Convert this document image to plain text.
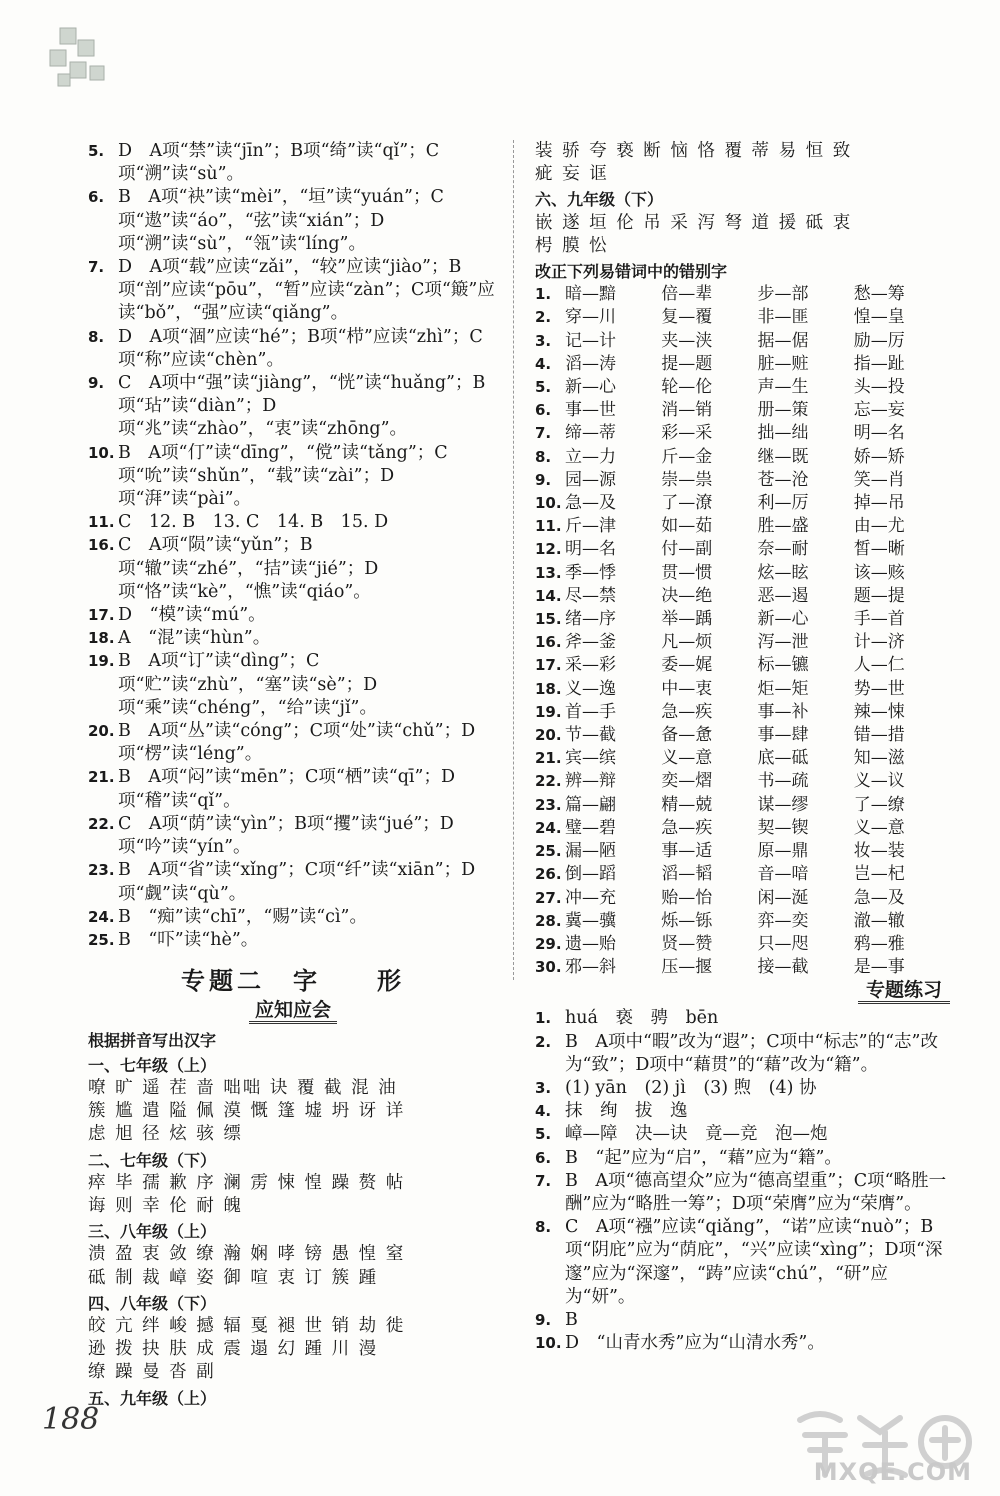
5. D　A项“禁”读“jīn”；B项“绮”读“qǐ”；C项“溯”读“sù”。
6. B　A项“袂”读“mèi”，“垣”读“yuán”；C项“遨”读“áo”，“弦”读“xián”；D项“溯”读“sù”，“瓴”读“líng”。
7. D　A项“载”应读“zǎi”，“较”应读“jiào”；B项“剖”应读“pōu”，“暂”应读“zàn”；C项“簸”应读“bǒ”，“强”应读“qiǎng”。
8. D　A项“涸”应读“hé”；B项“栉”应读“zhì”；C项“称”应读“chèn”。
9. C　A项中“强”读“jiàng”，“恍”读“huǎng”；B项“玷”读“diàn”；D项“兆”读“zhào”，“衷”读“zhōng”。
10. B　A项“仃”读“dīng”，“傥”读“tǎng”；C项“吮”读“shǔn”，“载”读“zài”；D项“湃”读“pài”。
11. C　12. B　13. C　14. B　15. D
16. C　A项“陨”读“yǔn”；B项“辙”读“zhé”，“拮”读“jié”；D项“恪”读“kè”，“憔”读“qiáo”。
17. D　“模”读“mú”。
18. A　“混”读“hùn”。
19. B　A项“订”读“dìng”；C项“贮”读“zhù”，“塞”读“sè”；D项“乘”读“chéng”，“给”读“jǐ”。
20. B　A项“丛”读“cóng”；C项“处”读“chǔ”；D项“楞”读“léng”。
21. B　A项“闷”读“mēn”；C项“栖”读“qī”；D项“稽”读“qǐ”。
22. C　A项“荫”读“yìn”；B项“攫”读“jué”；D项“吟”读“yín”。
23. B　A项“省”读“xǐng”；C项“纤”读“xiān”；D项“觑”读“qù”。
24. B　“痴”读“chī”，“赐”读“cì”。
25. B　“吓”读“hè”。
专题二　字　　形
应知应会
根据拼音写出汉字
一、七年级（上）
嘹 旷 遥 茬 啬 咄咄 诀 覆 截 混 油
簇 尴 遣 隘 佩 漠 慨 篷 墟 坍 讶 详
虑 旭 径 炫 骇 缥
二、七年级（下）
瘁 毕 孺 歉 序 澜 雳 悚 惶 躁 赘 帖
诲 则 幸 伦 耐 魄
三、八年级（上）
溃 盈 衷 敛 缭 瀚 娴 哮 镑 愚 惶 窒
砥 制 裁 嶂 姿 御 喧 衷 订 簇 踵
四、八年级（下）
皎 亢 绊 峻 撼 辐 戛 褪 世 销 劫 徙
逊 拨 抉 肤 成 震 遢 幻 踵 川 漫
缭 躁 曼 沓 副
五、九年级（上）
装 骄 夸 亵 断 恼 恪 覆 蒂 易 恒 致
疵 妄 诓
六、九年级（下）
嵌 遂 垣 伦 吊 采 泻 弩 道 援 砥 衷
枵 膜 忪
改正下列易错词中的错别字
1. 暗—黯	倍—辈	步—部	愁—筹
2. 穿—川	复—覆	非—匪	惶—皇
3. 记—计	夹—浃	据—倨	励—厉
4. 滔—涛	提—题	脏—赃	指—趾
5. 新—心	轮—伦	声—生	头—投
6. 事—世	消—销	册—策	忘—妄
7. 缔—蒂	彩—采	拙—绌	明—名
8. 立—力	斤—金	继—既	娇—矫
9. 园—源	崇—祟	苍—沧	笑—肖
10. 急—及	了—潦	利—厉	掉—吊
11. 斤—津	如—茹	胜—盛	由—尤
12. 明—名	付—副	奈—耐	皙—晰
13. 季—悸	贯—惯	炫—眩	该—赅
14. 尽—禁	决—绝	恶—遏	题—提
15. 绪—序	举—踽	新—心	手—首
16. 斧—釜	凡—烦	泻—泄	计—济
17. 采—彩	委—娓	标—镳	人—仁
18. 义—逸	中—衷	炬—矩	势—世
19. 首—手	急—疾	事—补	辣—悚
20. 节—截	备—惫	事—肆	错—措
21. 宾—缤	义—意	底—砥	知—滋
22. 辨—辩	奕—熠	书—疏	义—议
23. 篇—翩	精—兢	谋—缪	了—缭
24. 璧—碧	急—疾	契—锲	义—意
25. 漏—陋	事—适	原—鼎	妆—装
26. 倒—蹈	滔—韬	音—喑	岂—杞
27. 冲—充	贻—怡	闲—涎	急—及
28. 冀—骥	烁—铄	弈—奕	澈—辙
29. 遗—贻	贤—赞	只—咫	鸦—雅
30. 邪—斜	压—揠	接—截	是—事
专题练习
1. huá　亵　骋　bēn
2. B　A项中“暇”改为“遐”；C项中“标志”的“志”改为“致”；D项中“藉贯”的“藉”改为“籍”。
3. (1) yān　(2) jì　(3) 煦　(4) 协
4. 抹　绚　拔　逸
5. 嶂—障　决—诀　竟—竞　泡—炮
6. B　“起”应为“启”，“藉”应为“籍”。
7. B　A项“德高望众”应为“德高望重”；C项“略胜一酬”应为“略胜一筹”；D项“荣膺”应为“荣膺”。
8. C　A项“襁”应读“qiǎng”，“诺”应读“nuò”；B项“阴庇”应为“荫庇”，“兴”应读“xìng”；D项“深邃”应为“深邃”，“踌”应读“chú”，“研”应为“妍”。
9. B
10. D　“山青水秀”应为“山清水秀”。
188
MXQE.COM
